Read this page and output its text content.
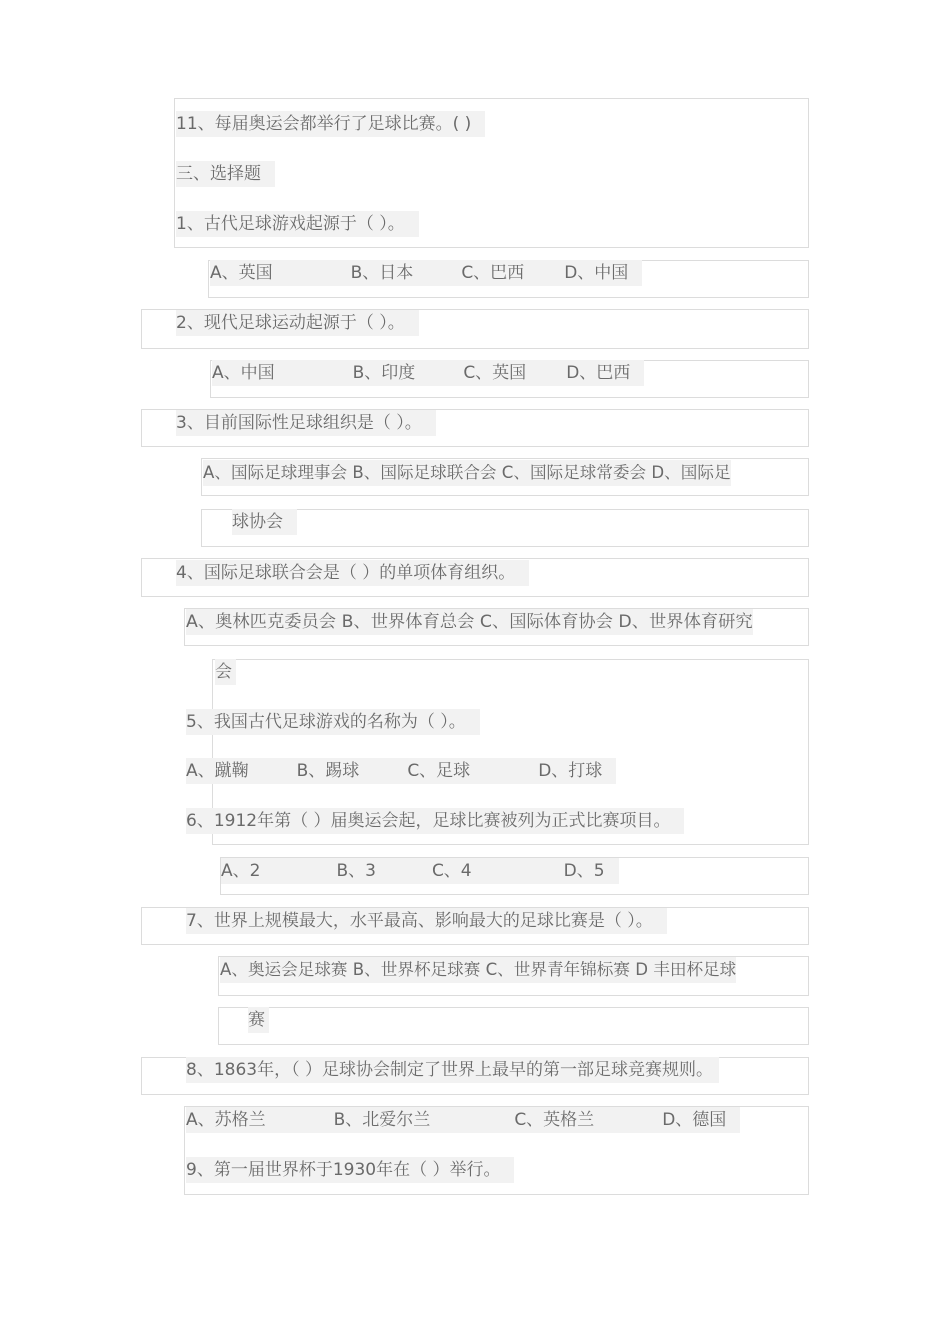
11、每届奥运会都举行了足球比赛。( )
三、选择题
1、古代足球游戏起源于（ ）。
A、英国	B、日本	C、巴西 D、中国
2、现代足球运动起源于（ ）。
A、中国	B、印度	C、英国 D、巴西
3、目前国际性足球组织是（ ）。
A、国际足球理事会 B、国际足球联合会 C、国际足球常委会 D、国际足
球协会
4、国际足球联合会是（ ）的单项体育组织。
A、奥林匹克委员会 B、世界体育总会 C、国际体育协会 D、世界体育研究
会
5、我国古代足球游戏的名称为（ ）。
A、蹴鞠	B、踢球	C、足球	D、打球
6、1912年第（ ）届奥运会起，足球比赛被列为正式比赛项目。
A、2	B、3	C、4	D、5
7、世界上规模最大，水平最高、影响最大的足球比赛是（ ）。
A、奥运会足球赛 B、世界杯足球赛 C、世界青年锦标赛 D 丰田杯足球
赛
8、1863年，（ ）足球协会制定了世界上最早的第一部足球竞赛规则。
A、苏格兰	B、北爱尔兰	C、英格兰	D、德国
9、第一届世界杯于1930年在（ ）举行。
